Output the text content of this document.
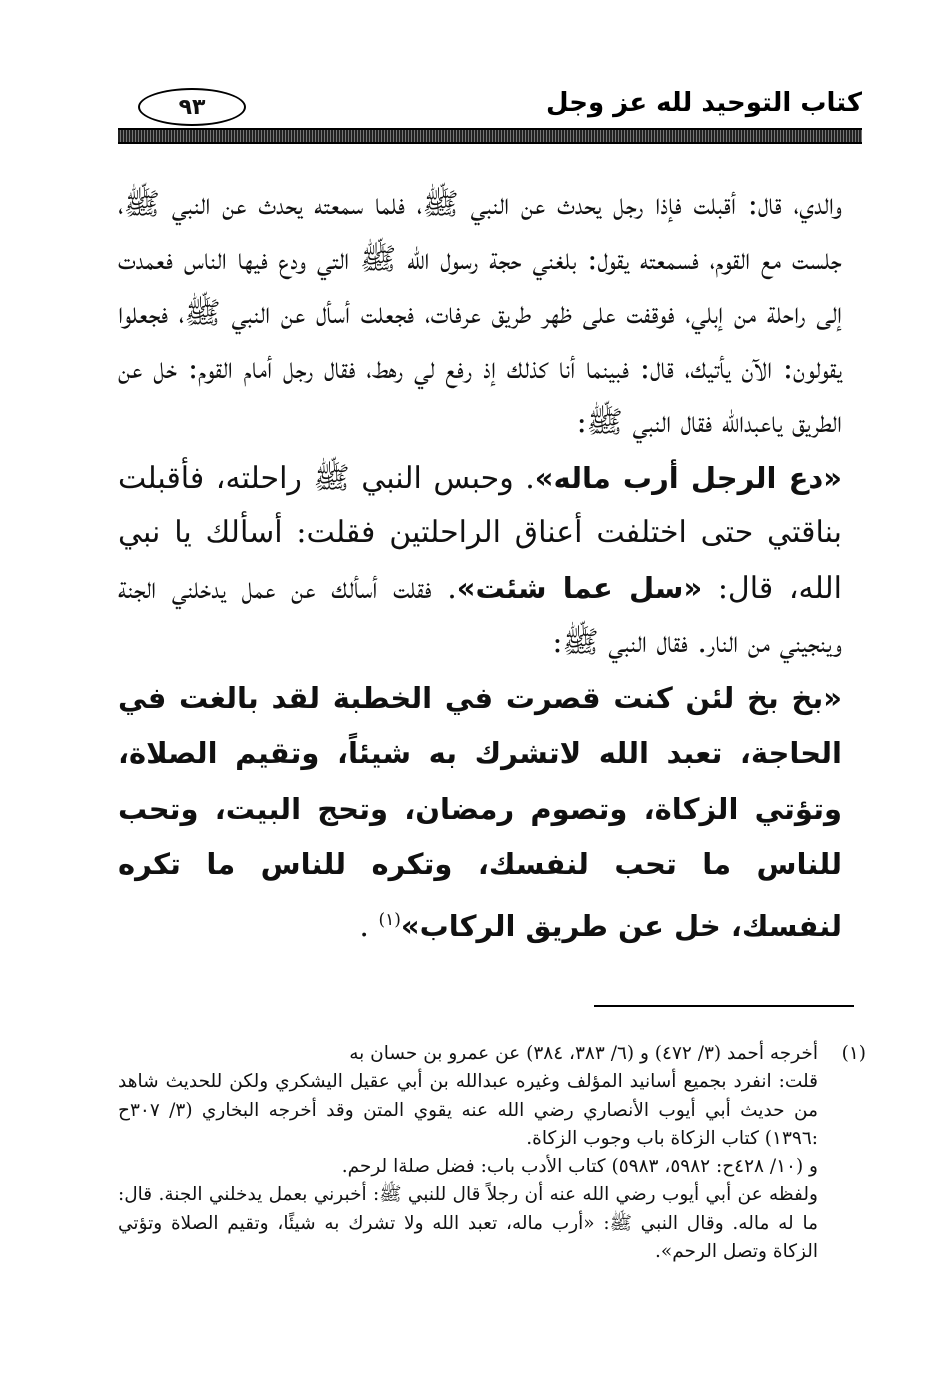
كتاب التوحيد لله عز وجل
٩٣

والدي، قال: أقبلت فإذا رجل يحدث عن النبي ﷺ، فلما سمعته يحدث عن النبي ﷺ، جلست مع القوم، فسمعته يقول: بلغني حجة رسول الله ﷺ التي ودع فيها الناس فعمدت إلى راحلة من إبلي، فوقفت على ظهر طريق عرفات، فجعلت أسأل عن النبي ﷺ، فجعلوا يقولون: الآن يأتيك، قال: فبينما أنا كذلك إذ رفع لي رهط، فقال رجل أمام القوم: خل عن الطريق ياعبدالله فقال النبي ﷺ:
«دع الرجل أرب ماله». وحبس النبي ﷺ راحلته، فأقبلت بناقتي حتى اختلفت أعناق الراحلتين فقلت: أسألك يا نبي الله، قال: «سل عما شئت». فقلت أسألك عن عمل يدخلني الجنة وينجيني من النار. فقال النبي ﷺ:
«بخ بخ لئن كنت قصرت في الخطبة لقد بالغت في الحاجة، تعبد الله لاتشرك به شيئاً، وتقيم الصلاة، وتؤتي الزكاة، وتصوم رمضان، وتحج البيت، وتحب للناس ما تحب لنفسك، وتكره للناس ما تكره لنفسك، خل عن طريق الركاب»$^{(١)}$ .

(١)
أخرجه أحمد (٣/ ٤٧٢) و (٦/ ٣٨٣، ٣٨٤) عن عمرو بن حسان به
قلت: انفرد بجميع أسانيد المؤلف وغيره عبدالله بن أبي عقيل اليشكري ولكن للحديث شاهد من حديث أبي أيوب الأنصاري رضي الله عنه يقوي المتن وقد أخرجه البخاري (٣/ ٣٠٧ح :١٣٩٦) كتاب الزكاة باب وجوب الزكاة.
و (١٠/ ٤٢٨ح: ٥٩٨٢، ٥٩٨٣) كتاب الأدب باب: فضل صلةا لرحم.
ولفظه عن أبي أيوب رضي الله عنه أن رجلاً قال للنبي ﷺ: أخبرني بعمل يدخلني الجنة. قال: ما له ماله. وقال النبي ﷺ: «أرب ماله، تعبد الله ولا تشرك به شيئًا، وتقيم الصلاة وتؤتي الزكاة وتصل الرحم».
